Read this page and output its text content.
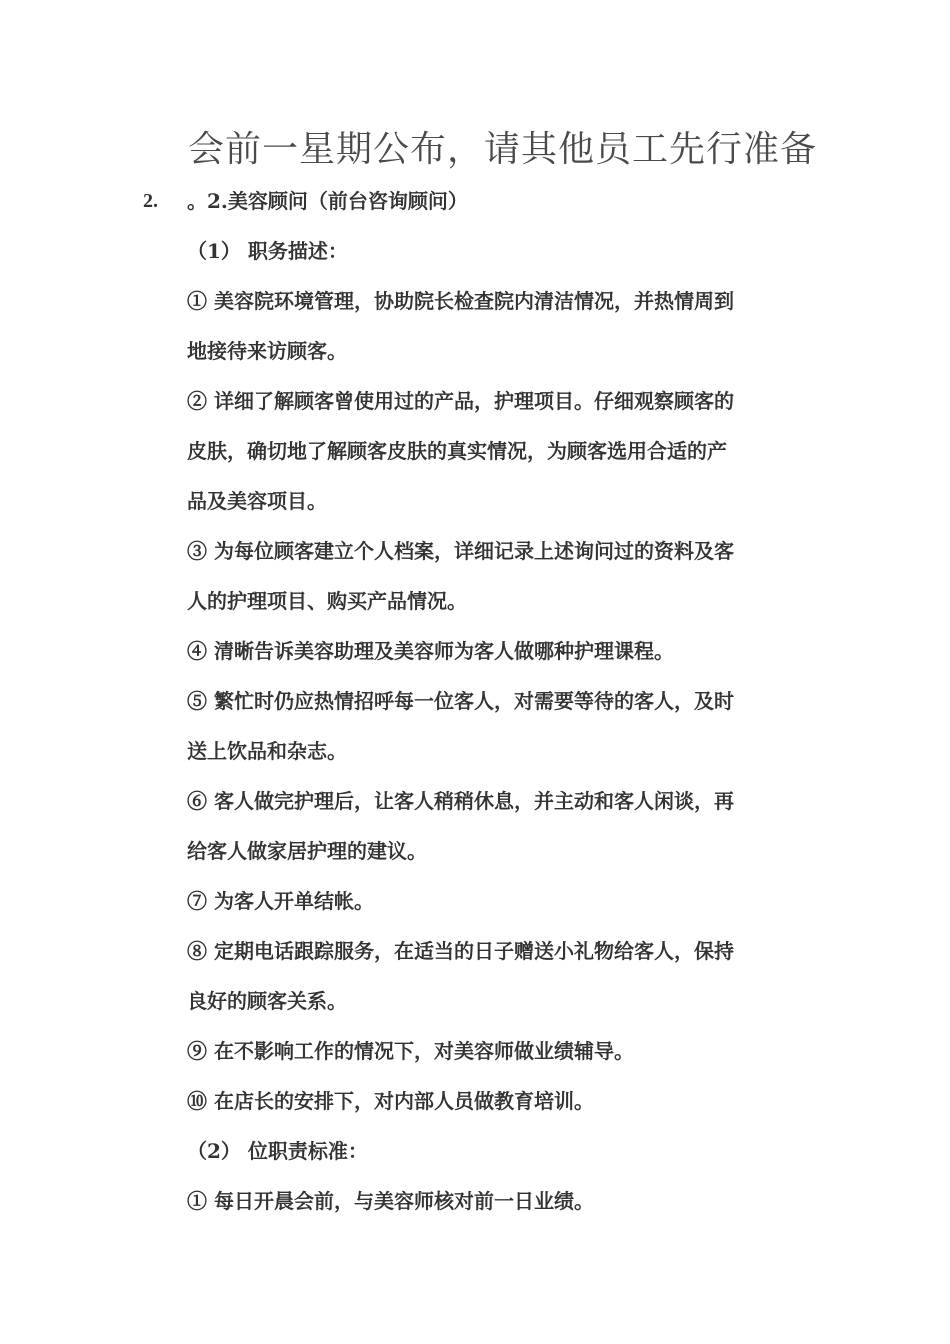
会前一星期公布，请其他员工先行准备
2. 。2.美容顾问（前台咨询顾问）

（1） 职务描述：

① 美容院环境管理，协助院长检查院内清洁情况，并热情周到

地接待来访顾客。

② 详细了解顾客曾使用过的产品，护理项目。仔细观察顾客的

皮肤，确切地了解顾客皮肤的真实情况，为顾客选用合适的产

品及美容项目。

③ 为每位顾客建立个人档案，详细记录上述询问过的资料及客

人的护理项目、购买产品情况。

④ 清晰告诉美容助理及美容师为客人做哪种护理课程。

⑤ 繁忙时仍应热情招呼每一位客人，对需要等待的客人，及时

送上饮品和杂志。

⑥ 客人做完护理后，让客人稍稍休息，并主动和客人闲谈，再

给客人做家居护理的建议。

⑦ 为客人开单结帐。

⑧ 定期电话跟踪服务，在适当的日子赠送小礼物给客人，保持

良好的顾客关系。

⑨ 在不影响工作的情况下，对美容师做业绩辅导。

⑩ 在店长的安排下，对内部人员做教育培训。

（2） 位职责标准：

① 每日开晨会前，与美容师核对前一日业绩。
